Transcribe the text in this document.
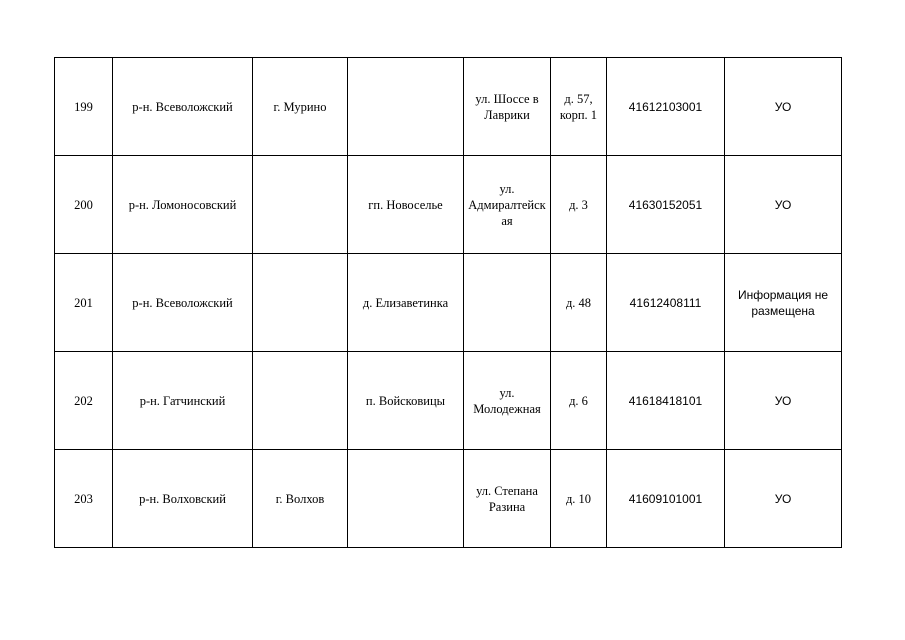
199	р-н. Всеволожский	г. Мурино		ул. Шоссе в Лаврики	д. 57, корп. 1	41612103001	УО
200	р-н. Ломоносовский		гп. Новоселье	ул. Адмиралтейская	д. 3	41630152051	УО
201	р-н. Всеволожский		д. Елизаветинка		д. 48	41612408111	Информация не размещена
202	р-н. Гатчинский		п. Войсковицы	ул. Молодежная	д. 6	41618418101	УО
203	р-н. Волховский	г. Волхов		ул. Степана Разина	д. 10	41609101001	УО
